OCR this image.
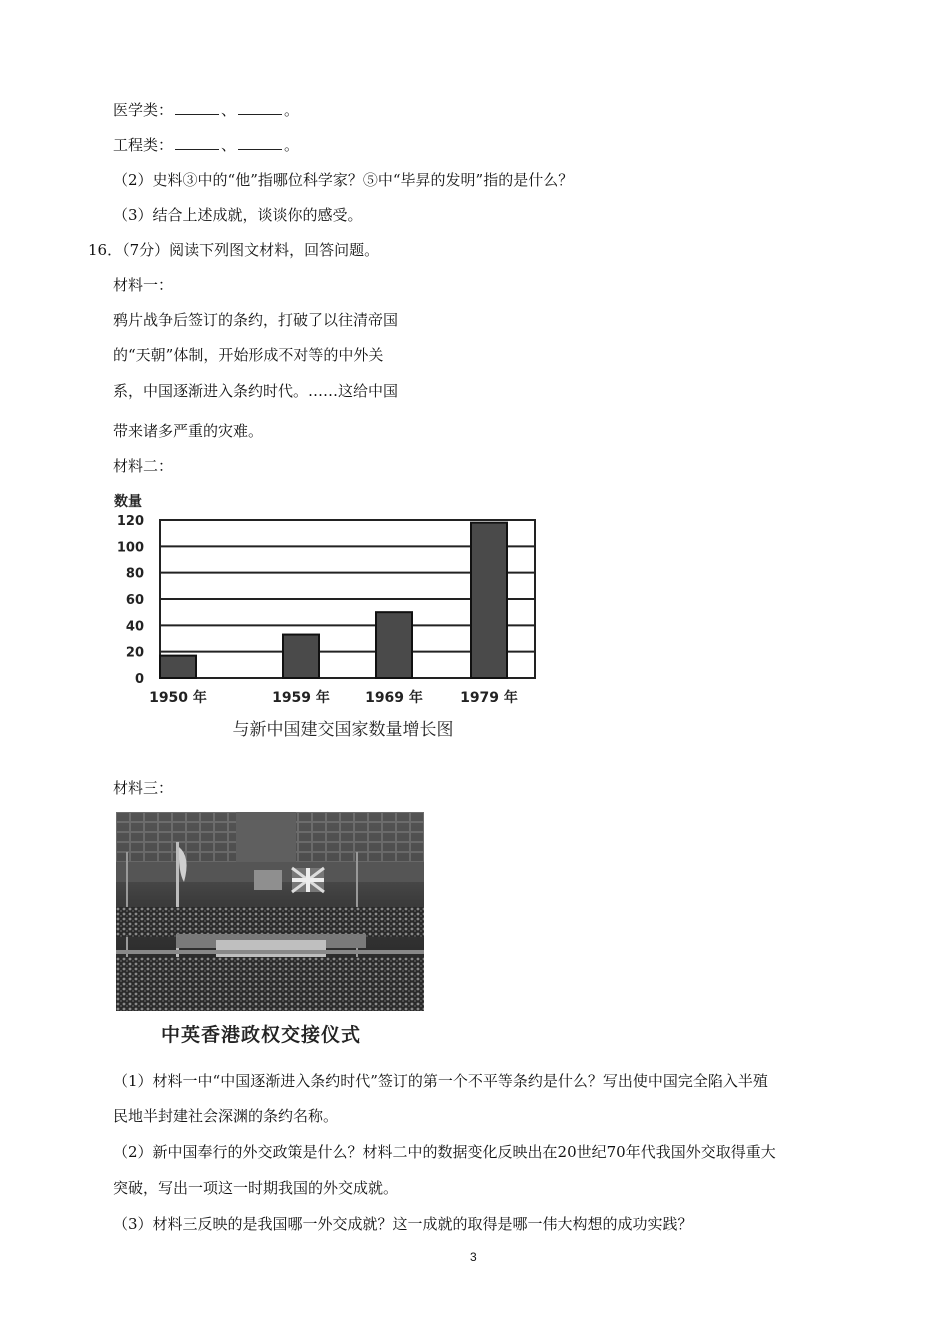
医学类：	、	。
工程类：	、	。
（2）史料③中的“他”指哪位科学家？⑤中“毕昇的发明”指的是什么？
（3）结合上述成就，谈谈你的感受。
16．（7分）阅读下列图文材料，回答问题。
材料一：
鸦片战争后签订的条约，打破了以往清帝国
的“天朝”体制，开始形成不对等的中外关
系，中国逐渐进入条约时代。……这给中国
带来诸多严重的灾难。
材料二：
0
20
40
60
80
100
120
1950 年	1959 年	1969 年	1979 年
数量
与新中国建交国家数量增长图
材料三：
中英香港政权交接仪式
（1）材料一中“中国逐渐进入条约时代”签订的第一个不平等条约是什么？写出使中国完全陷入半殖
民地半封建社会深渊的条约名称。
（2）新中国奉行的外交政策是什么？材料二中的数据变化反映出在20世纪70年代我国外交取得重大
突破，写出一项这一时期我国的外交成就。
（3）材料三反映的是我国哪一外交成就？这一成就的取得是哪一伟大构想的成功实践？
3
